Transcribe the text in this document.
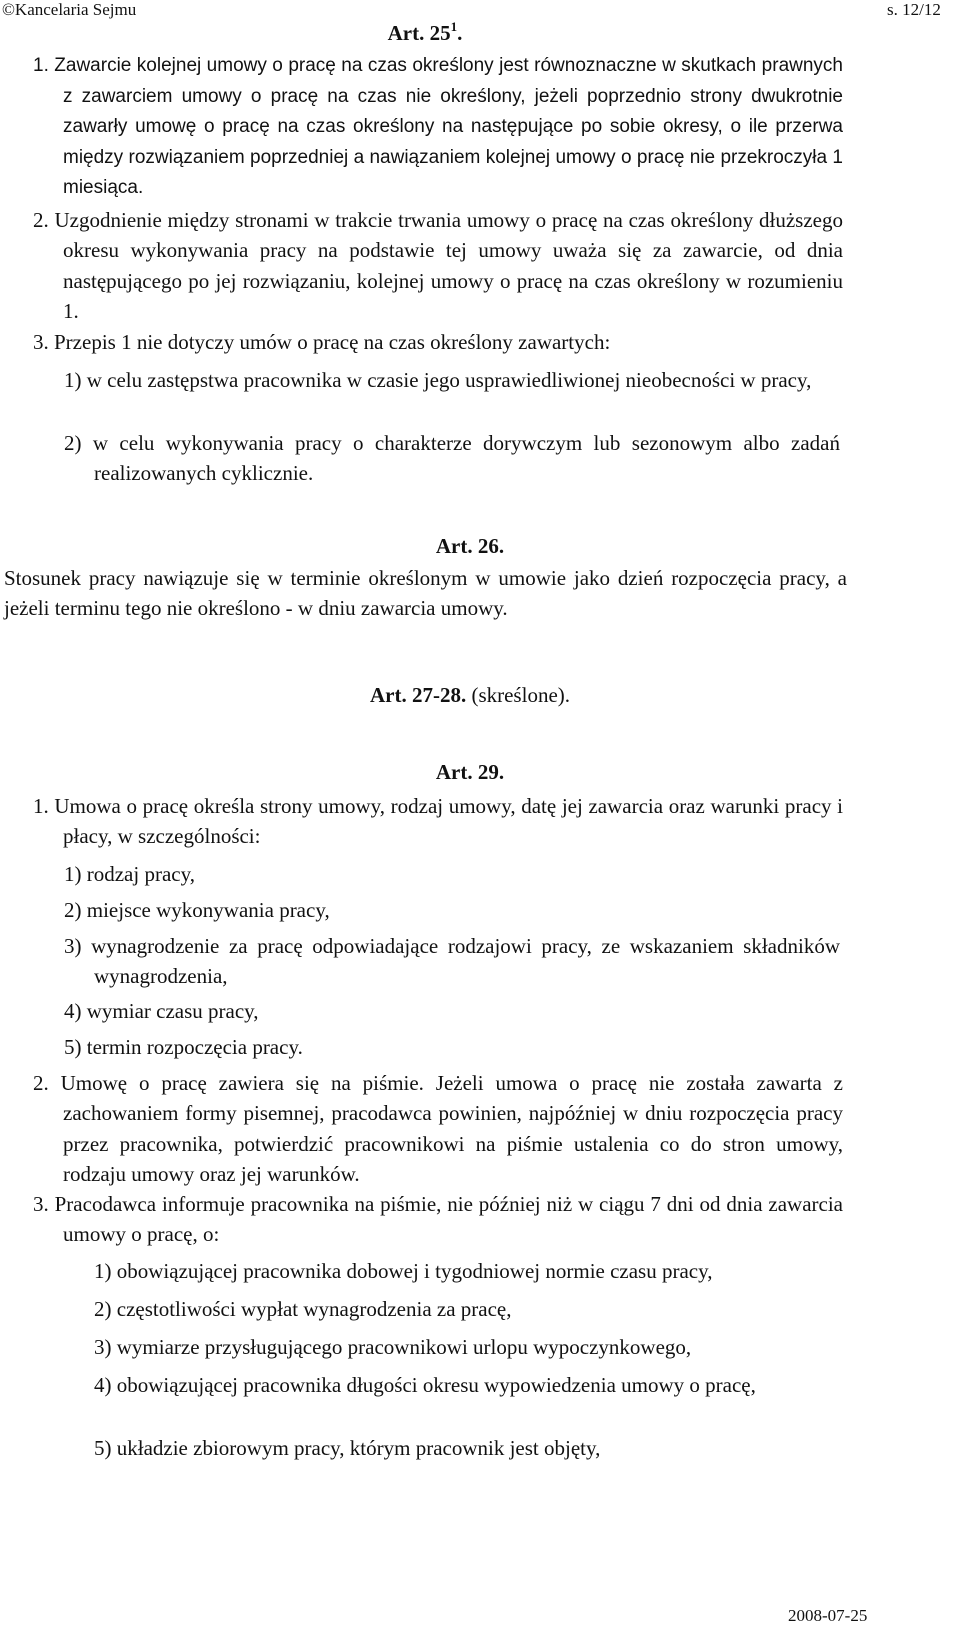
©Kancelaria Sejmu	s. 12/12
Art. $25^1$.
1. Zawarcie kolejnej umowy o pracę na czas określony jest równoznaczne w skutkach prawnych z zawarciem umowy o pracę na czas nie określony, jeżeli poprzednio strony dwukrotnie zawarły umowę o pracę na czas określony na następujące po sobie okresy, o ile przerwa między rozwiązaniem poprzedniej a nawiązaniem kolejnej umowy o pracę nie przekroczyła 1 miesiąca.
2. Uzgodnienie między stronami w trakcie trwania umowy o pracę na czas określony dłuższego okresu wykonywania pracy na podstawie tej umowy uważa się za zawarcie, od dnia następującego po jej rozwiązaniu, kolejnej umowy o pracę na czas określony w rozumieniu 1.
3. Przepis 1 nie dotyczy umów o pracę na czas określony zawartych:
1) w celu zastępstwa pracownika w czasie jego usprawiedliwionej nieobecności w pracy,
2) w celu wykonywania pracy o charakterze dorywczym lub sezonowym albo zadań realizowanych cyklicznie.
Art. 26.
Stosunek pracy nawiązuje się w terminie określonym w umowie jako dzień rozpoczęcia pracy, a jeżeli terminu tego nie określono - w dniu zawarcia umowy.
Art. 27-28. (skreślone).
Art. 29.
1. Umowa o pracę określa strony umowy, rodzaj umowy, datę jej zawarcia oraz warunki pracy i płacy, w szczególności:
1) rodzaj pracy,
2) miejsce wykonywania pracy,
3) wynagrodzenie za pracę odpowiadające rodzajowi pracy, ze wskazaniem składników wynagrodzenia,
4) wymiar czasu pracy,
5) termin rozpoczęcia pracy.
2. Umowę o pracę zawiera się na piśmie. Jeżeli umowa o pracę nie została zawarta z zachowaniem formy pisemnej, pracodawca powinien, najpóźniej w dniu rozpoczęcia pracy przez pracownika, potwierdzić pracownikowi na piśmie ustalenia co do stron umowy, rodzaju umowy oraz jej warunków.
3. Pracodawca informuje pracownika na piśmie, nie później niż w ciągu 7 dni od dnia zawarcia umowy o pracę, o:
1) obowiązującej pracownika dobowej i tygodniowej normie czasu pracy,
2) częstotliwości wypłat wynagrodzenia za pracę,
3) wymiarze przysługującego pracownikowi urlopu wypoczynkowego,
4) obowiązującej pracownika długości okresu wypowiedzenia umowy o pracę,
5) układzie zbiorowym pracy, którym pracownik jest objęty,
2008-07-25
